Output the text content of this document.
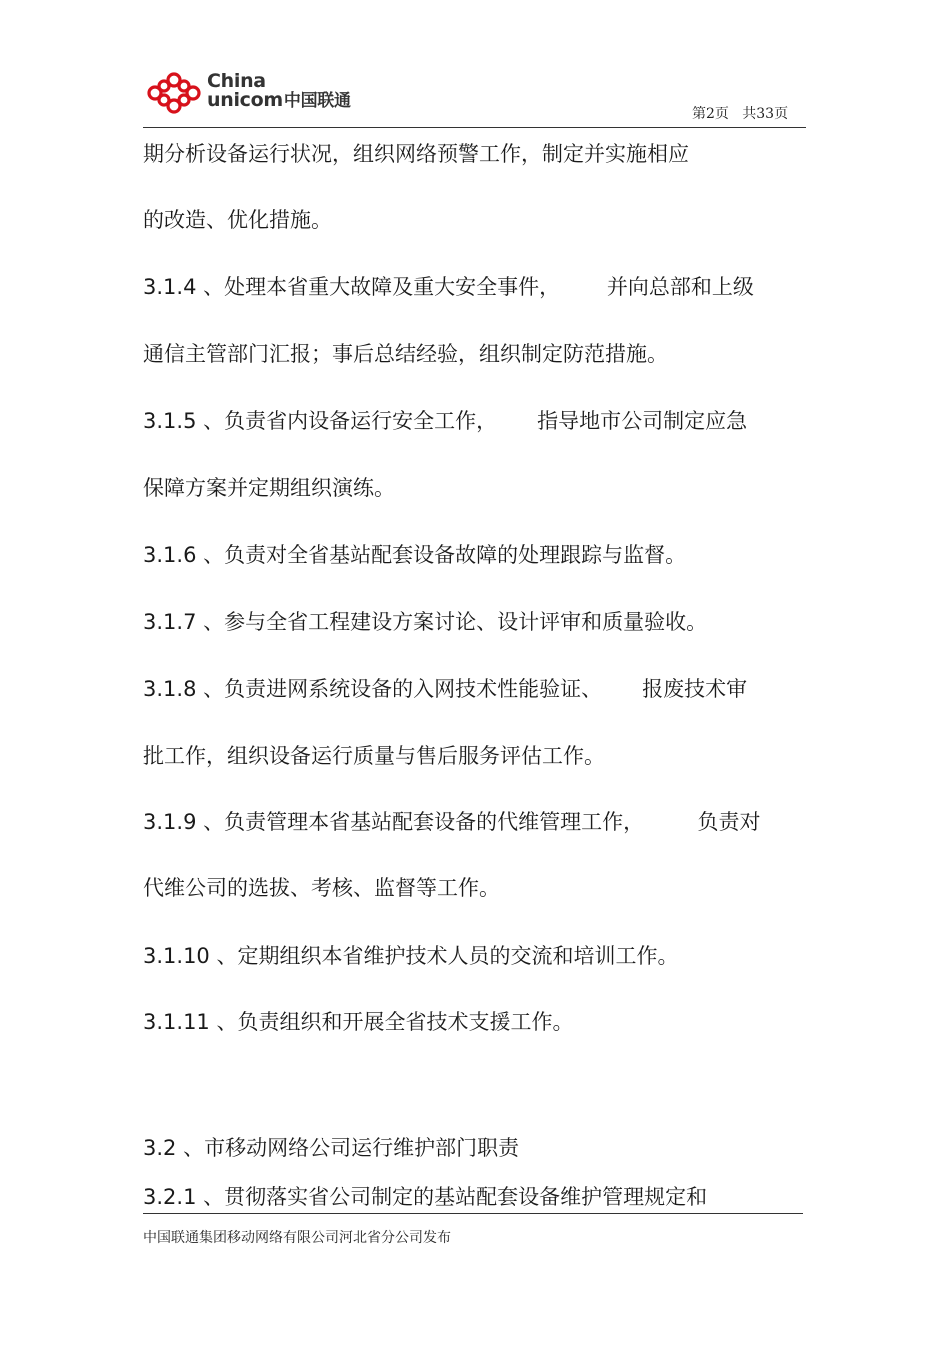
China
unicom中国联通
第2页   共33页
期分析设备运行状况，组织网络预警工作，制定并实施相应
的改造、优化措施。
3.1.4 、处理本省重大故障及重大安全事件，       并向总部和上级
通信主管部门汇报；事后总结经验，组织制定防范措施。
3.1.5 、负责省内设备运行安全工作，      指导地市公司制定应急
保障方案并定期组织演练。
3.1.6 、负责对全省基站配套设备故障的处理跟踪与监督。
3.1.7 、参与全省工程建设方案讨论、设计评审和质量验收。
3.1.8 、负责进网系统设备的入网技术性能验证、      报废技术审
批工作，组织设备运行质量与售后服务评估工作。
3.1.9 、负责管理本省基站配套设备的代维管理工作，        负责对
代维公司的选拔、考核、监督等工作。
3.1.10 、定期组织本省维护技术人员的交流和培训工作。
3.1.11 、负责组织和开展全省技术支援工作。
3.2 、市移动网络公司运行维护部门职责
3.2.1 、贯彻落实省公司制定的基站配套设备维护管理规定和
中国联通集团移动网络有限公司河北省分公司发布
